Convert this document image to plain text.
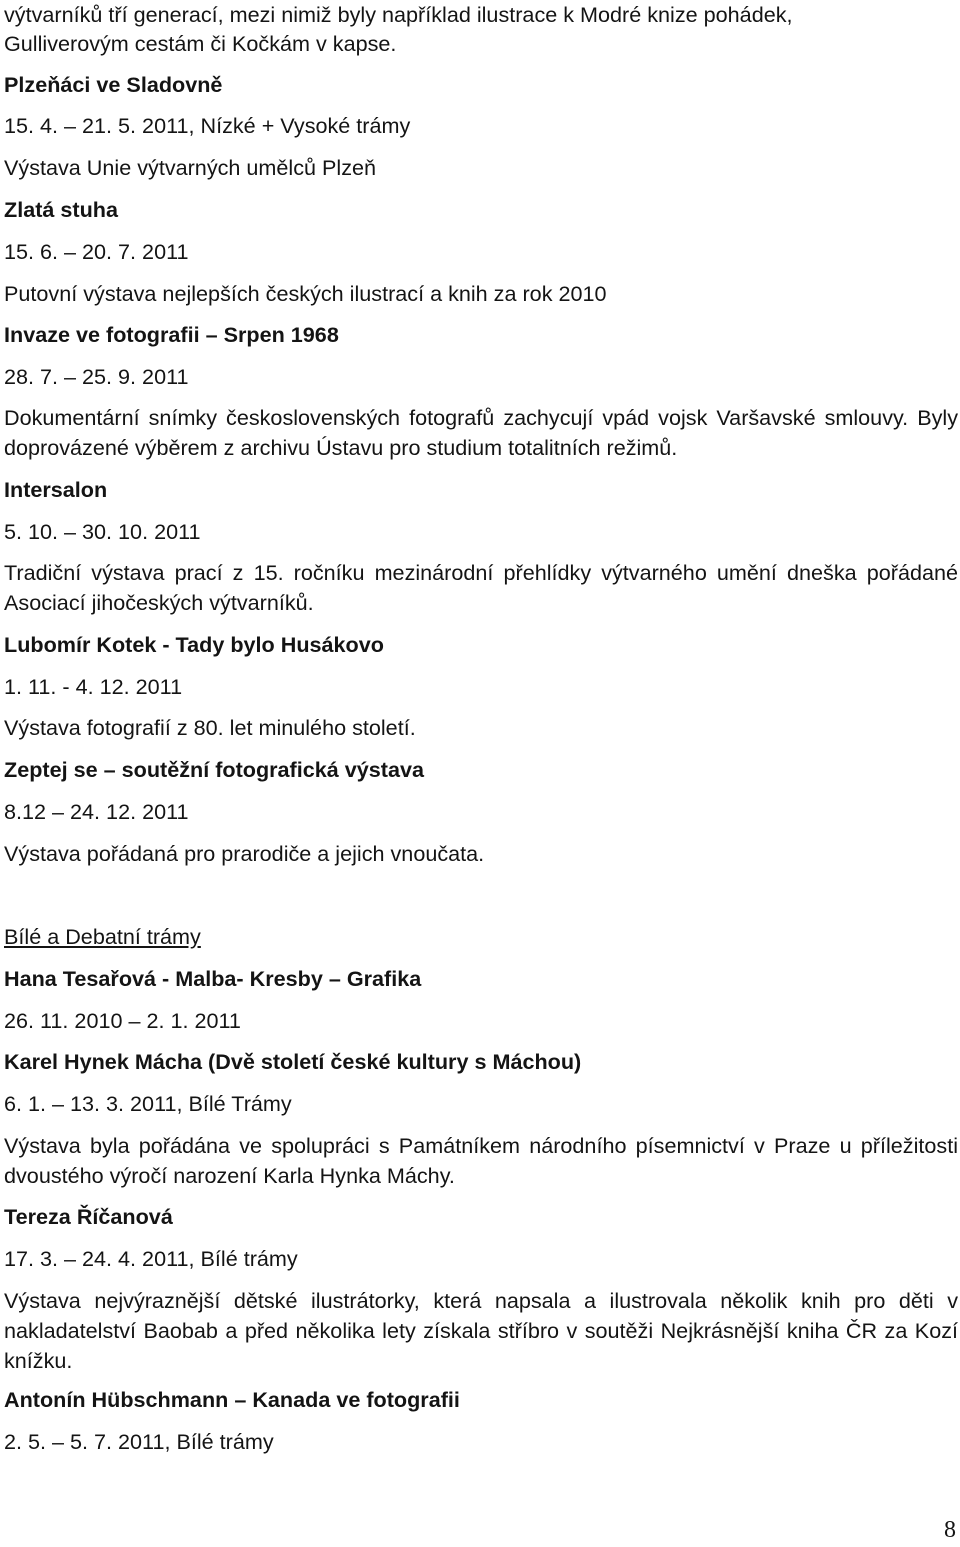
výtvarníků tří generací, mezi nimiž byly například ilustrace k Modré knize pohádek,
Gulliverovým cestám či Kočkám v kapse.
Plzeňáci ve Sladovně
15. 4. – 21. 5. 2011, Nízké + Vysoké trámy
Výstava Unie výtvarných umělců Plzeň
Zlatá stuha
15. 6. – 20. 7. 2011
Putovní výstava nejlepších českých ilustrací a knih za rok 2010
Invaze ve fotografii – Srpen 1968
28. 7. – 25. 9. 2011
Dokumentární snímky československých fotografů zachycují vpád vojsk Varšavské smlouvy. Byly doprovázené výběrem z archivu Ústavu pro studium totalitních režimů.
Intersalon
5. 10. – 30. 10. 2011
Tradiční výstava prací z 15. ročníku mezinárodní přehlídky výtvarného umění dneška pořádané Asociací jihočeských výtvarníků.
Lubomír Kotek - Tady bylo Husákovo
1. 11. - 4. 12. 2011
Výstava fotografií z 80. let minulého století.
Zeptej se – soutěžní fotografická výstava
8.12 – 24. 12. 2011
Výstava pořádaná pro prarodiče a jejich vnoučata.
Bílé a Debatní trámy
Hana Tesařová - Malba- Kresby – Grafika
26. 11. 2010 – 2. 1. 2011
Karel Hynek Mácha (Dvě století české kultury s Máchou)
6. 1. – 13. 3. 2011, Bílé Trámy
Výstava byla pořádána ve spolupráci s Památníkem národního písemnictví v Praze u příležitosti dvoustého výročí narození Karla Hynka Máchy.
Tereza Říčanová
17. 3. – 24. 4. 2011, Bílé trámy
Výstava nejvýraznější dětské ilustrátorky, která napsala a ilustrovala několik knih pro děti v nakladatelství Baobab a před několika lety získala stříbro v soutěži Nejkrásnější kniha ČR za Kozí knížku.
Antonín Hübschmann – Kanada ve fotografii
2. 5. – 5. 7. 2011, Bílé trámy
8
